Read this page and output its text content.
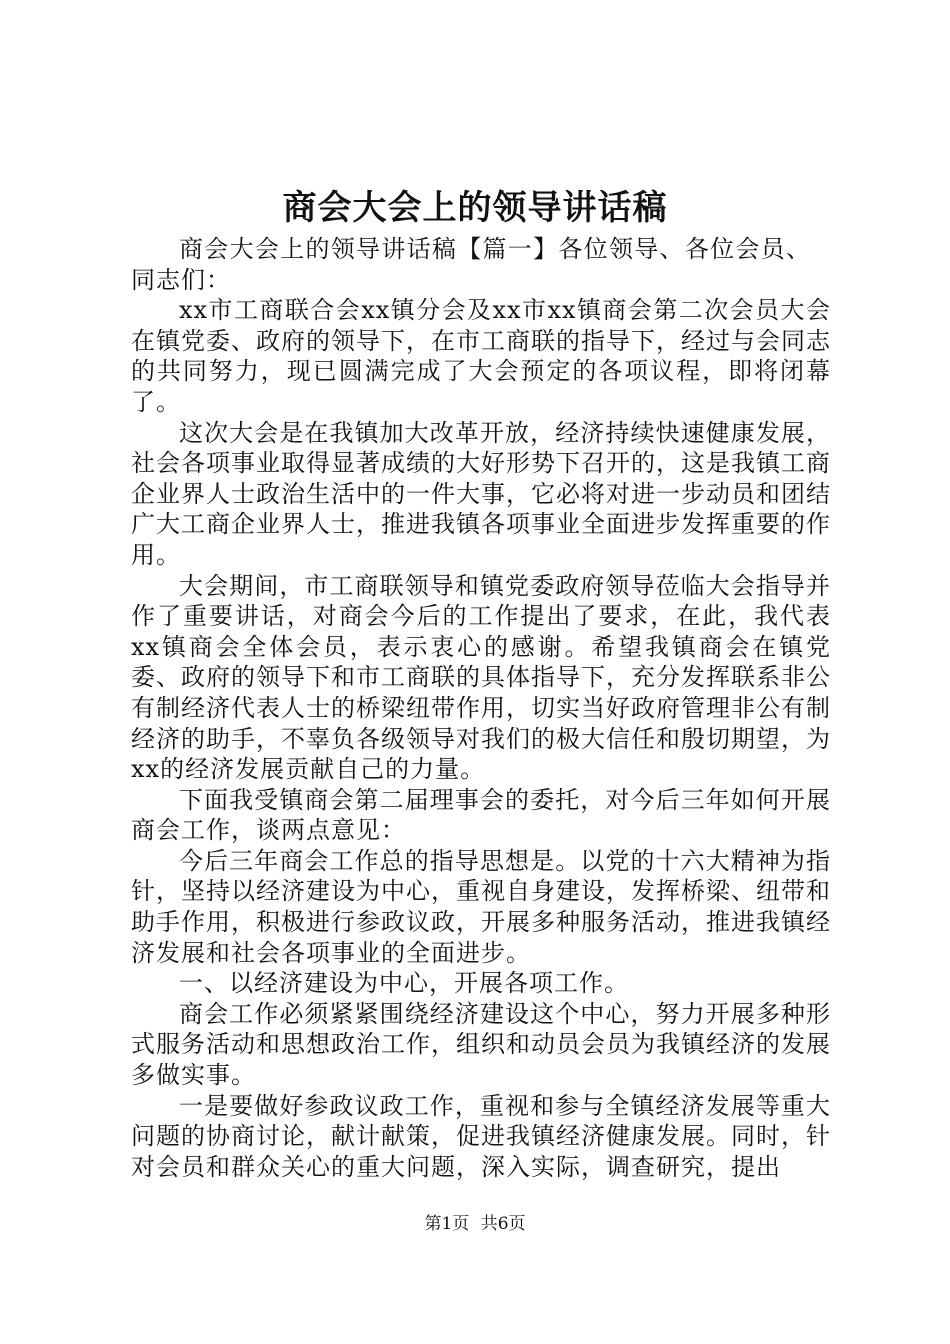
商会大会上的领导讲话稿

商会大会上的领导讲话稿【篇一】各位领导、各位会员、同志们：

xx市工商联合会xx镇分会及xx市xx镇商会第二次会员大会在镇党委、政府的领导下，在市工商联的指导下，经过与会同志的共同努力，现已圆满完成了大会预定的各项议程，即将闭幕了。

这次大会是在我镇加大改革开放，经济持续快速健康发展，社会各项事业取得显著成绩的大好形势下召开的，这是我镇工商企业界人士政治生活中的一件大事，它必将对进一步动员和团结广大工商企业界人士，推进我镇各项事业全面进步发挥重要的作用。

大会期间，市工商联领导和镇党委政府领导莅临大会指导并作了重要讲话，对商会今后的工作提出了要求，在此，我代表xx镇商会全体会员，表示衷心的感谢。希望我镇商会在镇党委、政府的领导下和市工商联的具体指导下，充分发挥联系非公有制经济代表人士的桥梁纽带作用，切实当好政府管理非公有制经济的助手，不辜负各级领导对我们的极大信任和殷切期望，为xx的经济发展贡献自己的力量。

下面我受镇商会第二届理事会的委托，对今后三年如何开展商会工作，谈两点意见：

今后三年商会工作总的指导思想是。以党的十六大精神为指针，坚持以经济建设为中心，重视自身建设，发挥桥梁、纽带和助手作用，积极进行参政议政，开展多种服务活动，推进我镇经济发展和社会各项事业的全面进步。

一、以经济建设为中心，开展各项工作。

商会工作必须紧紧围绕经济建设这个中心，努力开展多种形式服务活动和思想政治工作，组织和动员会员为我镇经济的发展多做实事。

一是要做好参政议政工作，重视和参与全镇经济发展等重大问题的协商讨论，献计献策，促进我镇经济健康发展。同时，针对会员和群众关心的重大问题，深入实际，调查研究，提出

第1页 共6页
